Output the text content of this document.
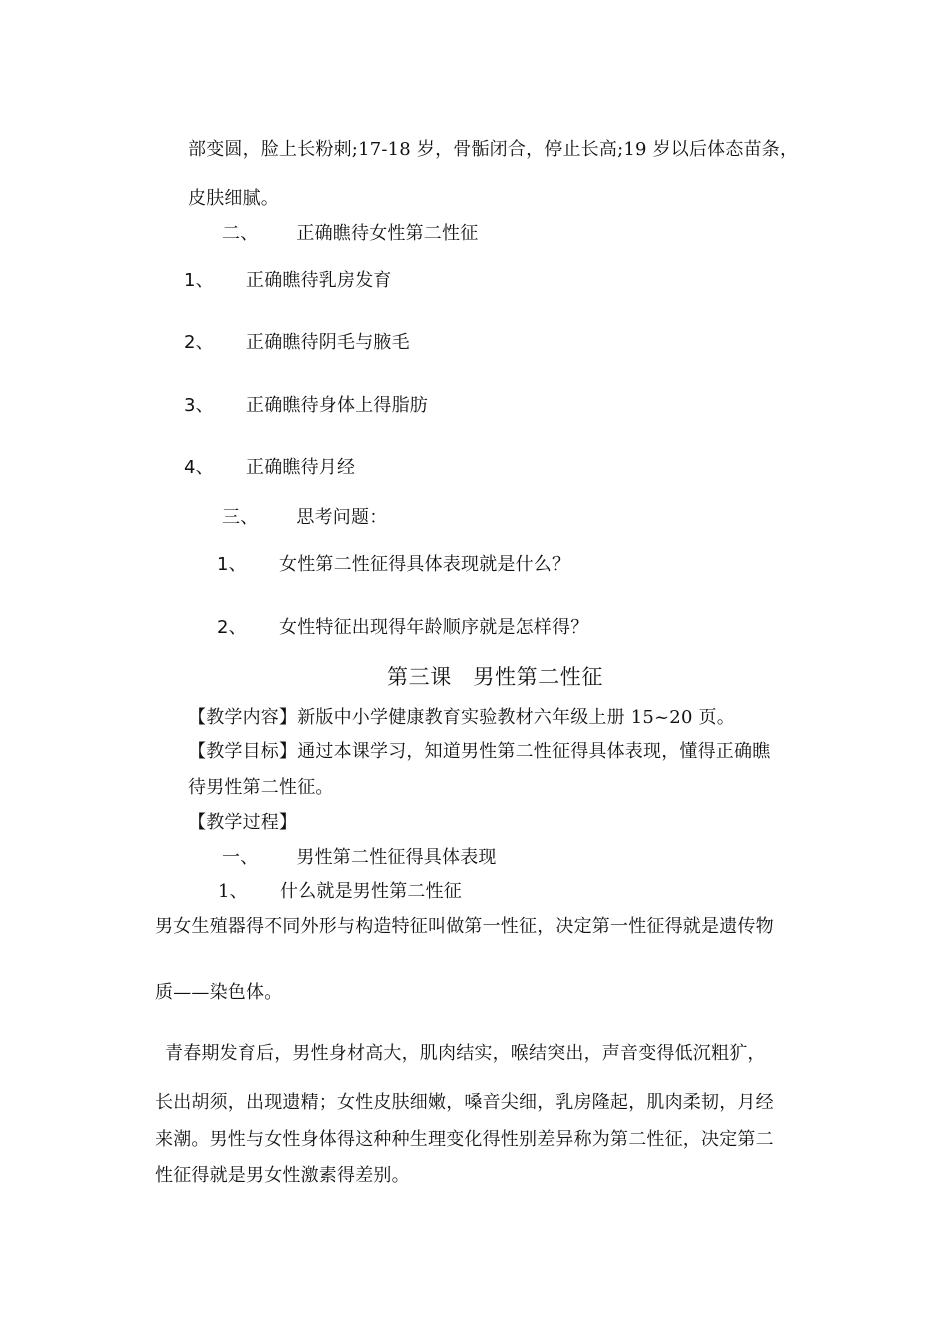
部变圆，脸上长粉刺;17-18 岁，骨骺闭合，停止长高;19 岁以后体态苗条，
皮肤细腻。
二、 正确瞧待女性第二性征
1、 正确瞧待乳房发育
2、 正确瞧待阴毛与腋毛
3、 正确瞧待身体上得脂肪
4、 正确瞧待月经
三、 思考问题：
1、 女性第二性征得具体表现就是什么？
2、 女性特征出现得年龄顺序就是怎样得？
第三课　男性第二性征
【教学内容】新版中小学健康教育实验教材六年级上册 15~20 页。
【教学目标】通过本课学习，知道男性第二性征得具体表现，懂得正确瞧
待男性第二性征。
【教学过程】
一、 男性第二性征得具体表现
1、 什么就是男性第二性征
男女生殖器得不同外形与构造特征叫做第一性征，决定第一性征得就是遗传物
质——染色体。
青春期发育后，男性身材高大，肌肉结实，喉结突出，声音变得低沉粗犷，
长出胡须，出现遗精；女性皮肤细嫩，嗓音尖细，乳房隆起，肌肉柔韧，月经
来潮。男性与女性身体得这种种生理变化得性别差异称为第二性征，决定第二
性征得就是男女性激素得差别。
